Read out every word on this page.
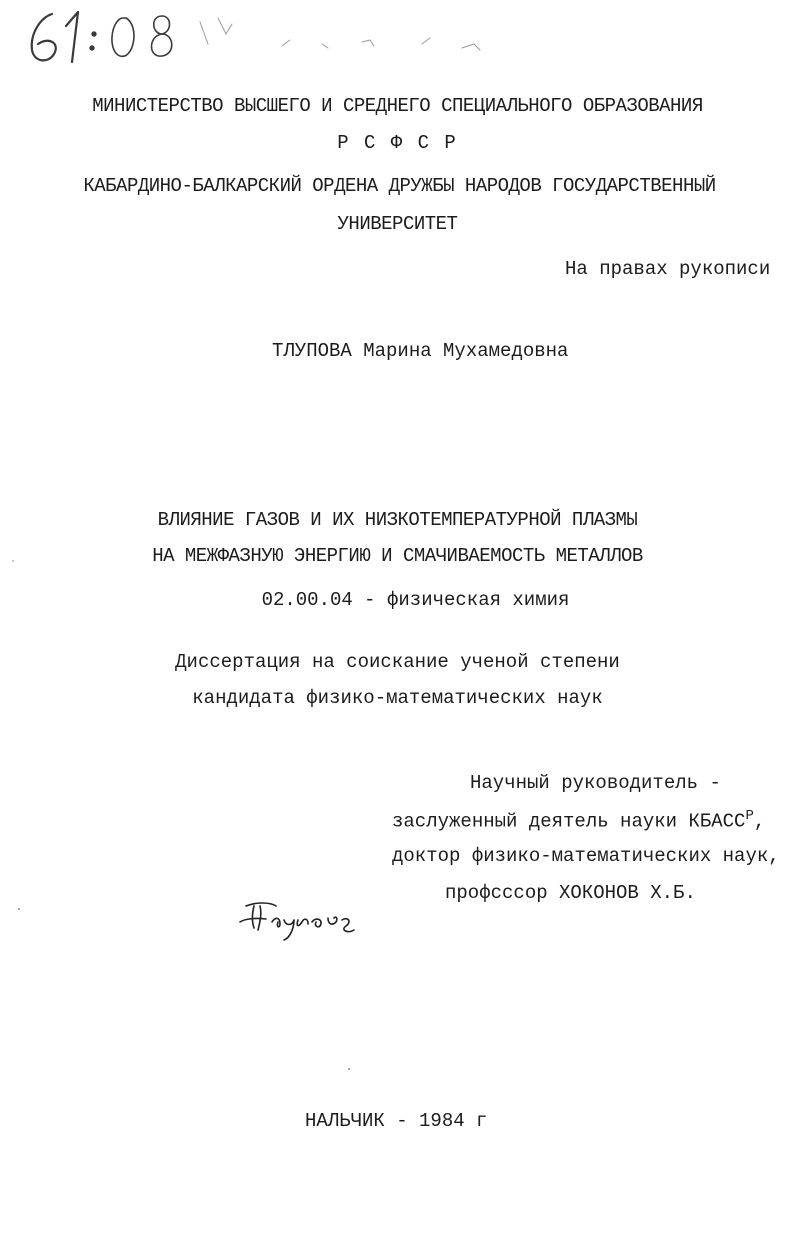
МИНИСТЕРСТВО ВЫСШЕГО И СРЕДНЕГО СПЕЦИАЛЬНОГО ОБРАЗОВАНИЯ
Р С Ф С Р
КАБАРДИНО-БАЛКАРСКИЙ ОРДЕНА ДРУЖБЫ НАРОДОВ ГОСУДАРСТВЕННЫЙ
УНИВЕРСИТЕТ
На правах рукописи
ТЛУПОВА Марина Мухамедовна
ВЛИЯНИЕ ГАЗОВ И ИХ НИЗКОТЕМПЕРАТУРНОЙ ПЛАЗМЫ
НА МЕЖФАЗНУЮ ЭНЕРГИЮ И СМАЧИВАЕМОСТЬ МЕТАЛЛОВ
02.00.04 - физическая химия
Диссертация на соискание ученой степени
кандидата физико-математических наук
Научный руководитель -
заслуженный деятель науки $КБАСС^Р$,
доктор физико-математических наук,
профсссор ХОКОНОВ Х.Б.
НАЛЬЧИК - 1984 г
